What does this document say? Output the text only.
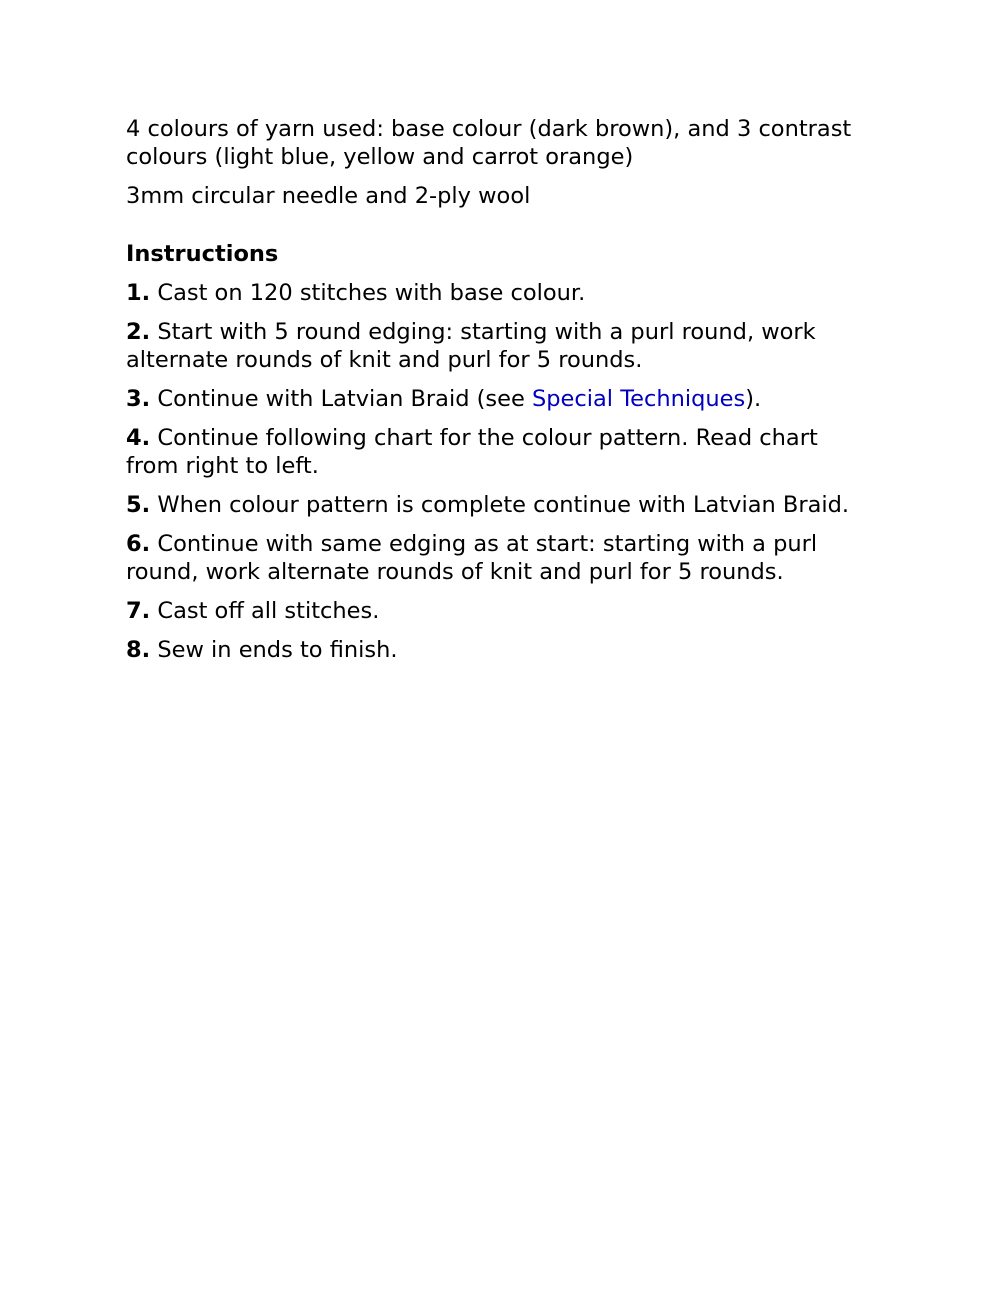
4 colours of yarn used: base colour (dark brown), and 3 contrast colours (light blue, yellow and carrot orange)

3mm circular needle and 2-ply wool

Instructions

1. Cast on 120 stitches with base colour.

2. Start with 5 round edging: starting with a purl round, work alternate rounds of knit and purl for 5 rounds.

3. Continue with Latvian Braid (see Special Techniques).

4. Continue following chart for the colour pattern. Read chart from right to left.

5. When colour pattern is complete continue with Latvian Braid.

6. Continue with same edging as at start: starting with a purl round, work alternate rounds of knit and purl for 5 rounds.

7. Cast off all stitches.

8. Sew in ends to finish.
